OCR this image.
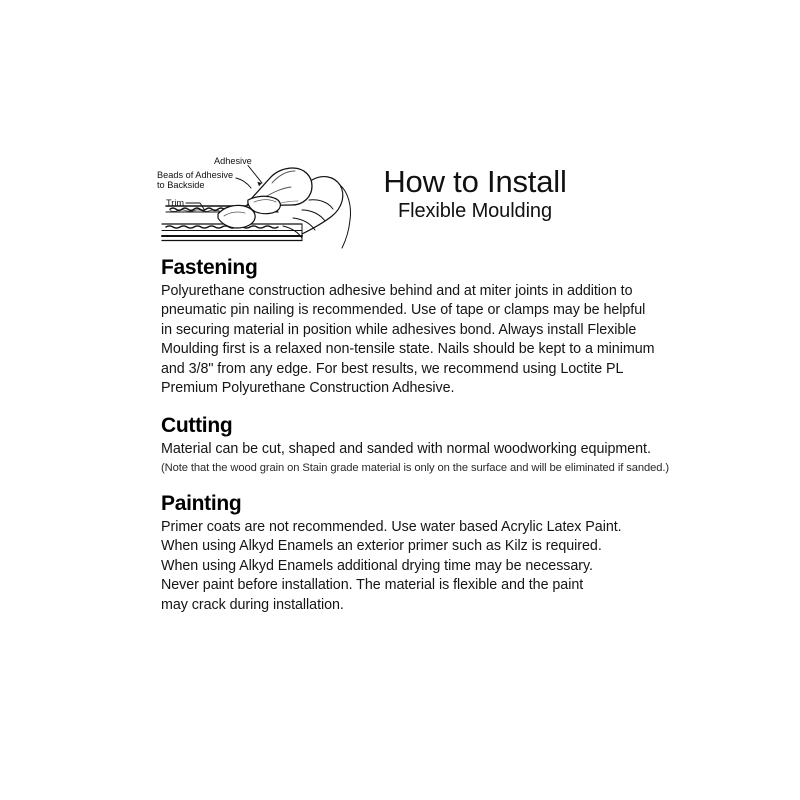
Adhesive
Beads of Adhesive
to Backside
Trim
How to Install
Flexible Moulding
Fastening
Polyurethane construction adhesive behind and at miter joints in addition to
pneumatic pin nailing is recommended. Use of tape or clamps may be helpful
in securing material in position while adhesives bond. Always install Flexible
Moulding first is a relaxed non-tensile state. Nails should be kept to a minimum
and 3/8" from any edge. For best results, we recommend using Loctite PL
Premium Polyurethane Construction Adhesive.
Cutting
Material can be cut, shaped and sanded with normal woodworking equipment.
(Note that the wood grain on Stain grade material is only on the surface and will be eliminated if sanded.)
Painting
Primer coats are not recommended. Use water based Acrylic Latex Paint.
When using Alkyd Enamels an exterior primer such as Kilz is required.
When using Alkyd Enamels additional drying time may be necessary.
Never paint before installation. The material is flexible and the paint
may crack during installation.
